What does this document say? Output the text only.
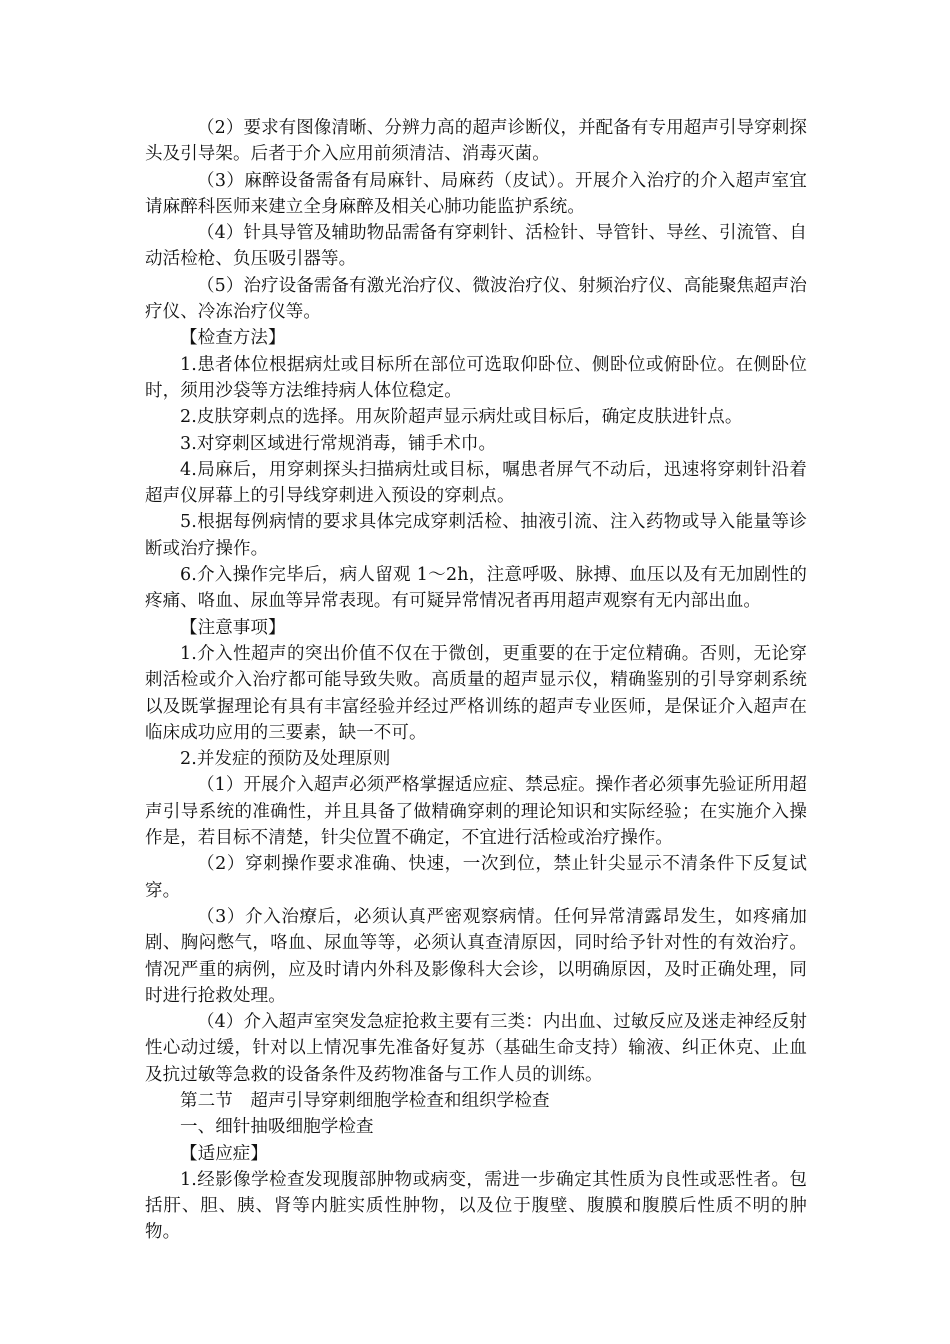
（2）要求有图像清晰、分辨力高的超声诊断仪，并配备有专用超声引导穿刺探头及引导架。后者于介入应用前须清洁、消毒灭菌。

（3）麻醉设备需备有局麻针、局麻药（皮试）。开展介入治疗的介入超声室宜请麻醉科医师来建立全身麻醉及相关心肺功能监护系统。

（4）针具导管及辅助物品需备有穿刺针、活检针、导管针、导丝、引流管、自动活检枪、负压吸引器等。

（5）治疗设备需备有激光治疗仪、微波治疗仪、射频治疗仪、高能聚焦超声治疗仪、冷冻治疗仪等。

【检查方法】

1.患者体位根据病灶或目标所在部位可选取仰卧位、侧卧位或俯卧位。在侧卧位时，须用沙袋等方法维持病人体位稳定。

2.皮肤穿刺点的选择。用灰阶超声显示病灶或目标后，确定皮肤进针点。

3.对穿刺区域进行常规消毒，铺手术巾。

4.局麻后，用穿刺探头扫描病灶或目标，嘱患者屏气不动后，迅速将穿刺针沿着超声仪屏幕上的引导线穿刺进入预设的穿刺点。

5.根据每例病情的要求具体完成穿刺活检、抽液引流、注入药物或导入能量等诊断或治疗操作。

6.介入操作完毕后，病人留观 1～2h，注意呼吸、脉搏、血压以及有无加剧性的疼痛、咯血、尿血等异常表现。有可疑异常情况者再用超声观察有无内部出血。

【注意事项】

1.介入性超声的突出价值不仅在于微创，更重要的在于定位精确。否则，无论穿刺活检或介入治疗都可能导致失败。高质量的超声显示仪，精确鉴别的引导穿刺系统以及既掌握理论有具有丰富经验并经过严格训练的超声专业医师，是保证介入超声在临床成功应用的三要素，缺一不可。

2.并发症的预防及处理原则

（1）开展介入超声必须严格掌握适应症、禁忌症。操作者必须事先验证所用超声引导系统的准确性，并且具备了做精确穿刺的理论知识和实际经验；在实施介入操作是，若目标不清楚，针尖位置不确定，不宜进行活检或治疗操作。

（2）穿刺操作要求准确、快速，一次到位，禁止针尖显示不清条件下反复试穿。

（3）介入治療后，必须认真严密观察病情。任何异常清露昂发生，如疼痛加剧、胸闷憋气，咯血、尿血等等，必须认真查清原因，同时给予针对性的有效治疗。情况严重的病例，应及时请内外科及影像科大会诊，以明确原因，及时正确处理，同时进行抢救处理。

（4）介入超声室突发急症抢救主要有三类：内出血、过敏反应及迷走神经反射性心动过缓，针对以上情况事先准备好复苏（基础生命支持）输液、纠正休克、止血及抗过敏等急救的设备条件及药物准备与工作人员的训练。

第二节　超声引导穿刺细胞学检查和组织学检查

一、细针抽吸细胞学检查

【适应症】

1.经影像学检查发现腹部肿物或病变，需进一步确定其性质为良性或恶性者。包括肝、胆、胰、肾等内脏实质性肿物，以及位于腹壁、腹膜和腹膜后性质不明的肿物。
